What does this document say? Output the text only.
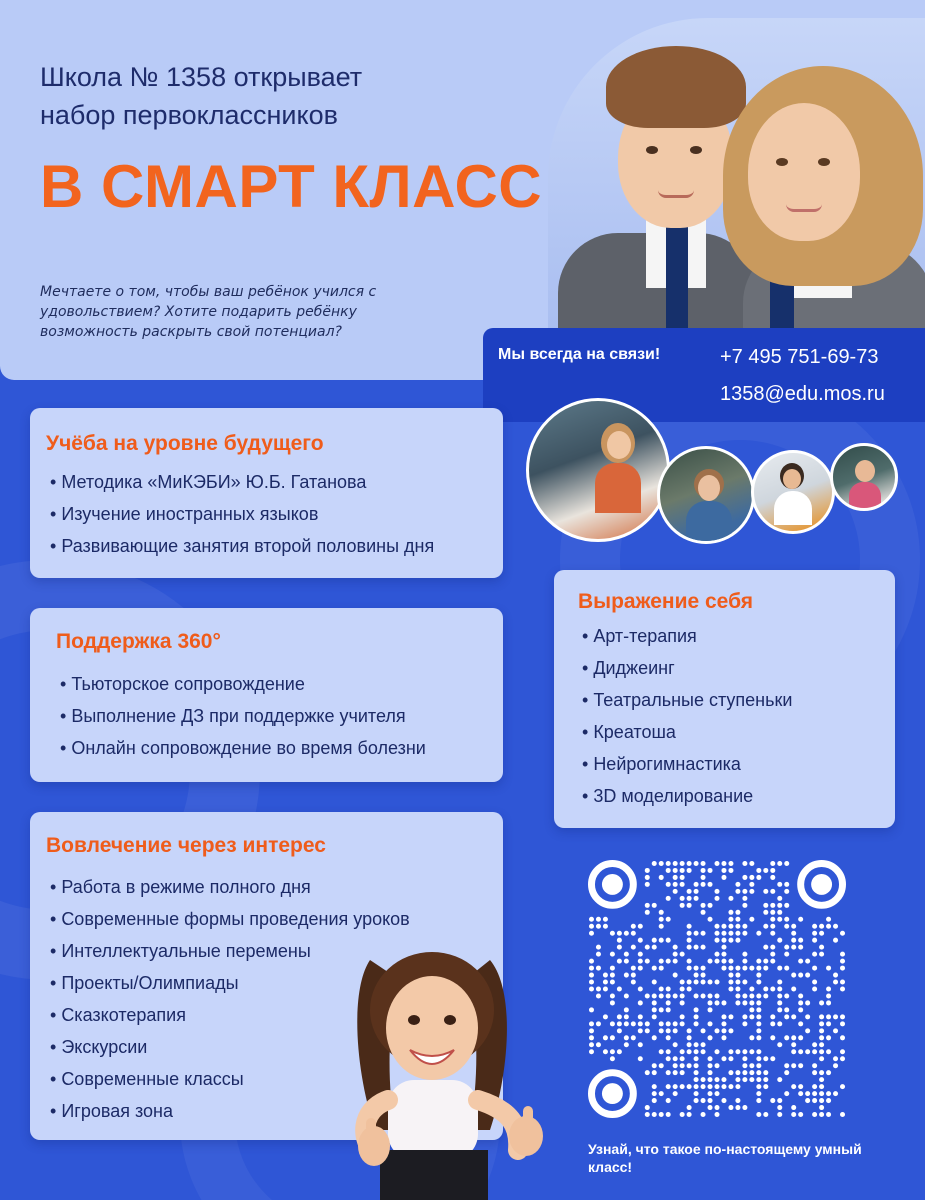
Школа № 1358 открывает
набор первоклассников
В СМАРТ КЛАСС
Мечтаете о том, чтобы ваш ребёнок учился с удовольствием? Хотите подарить ребёнку возможность раскрыть свой потенциал?
Мы всегда на связи!	+7 495 751-69-73
1358@edu.mos.ru
Учёба на уровне будущего
• Методика «МиКЭБИ» Ю.Б. Гатанова
• Изучение иностранных языков
• Развивающие занятия второй половины дня
Поддержка 360°
• Тьюторское сопровождение
• Выполнение ДЗ при поддержке учителя
• Онлайн сопровождение во время болезни
Вовлечение через интерес
• Работа в режиме полного дня
• Современные формы проведения уроков
• Интеллектуальные перемены
• Проекты/Олимпиады
• Сказкотерапия
• Экскурсии
• Современные классы
• Игровая зона
Выражение себя
• Арт-терапия
• Диджеинг
• Театральные ступеньки
• Креатоша
• Нейрогимнастика
• 3D моделирование
Узнай, что такое по-настоящему умный класс!
